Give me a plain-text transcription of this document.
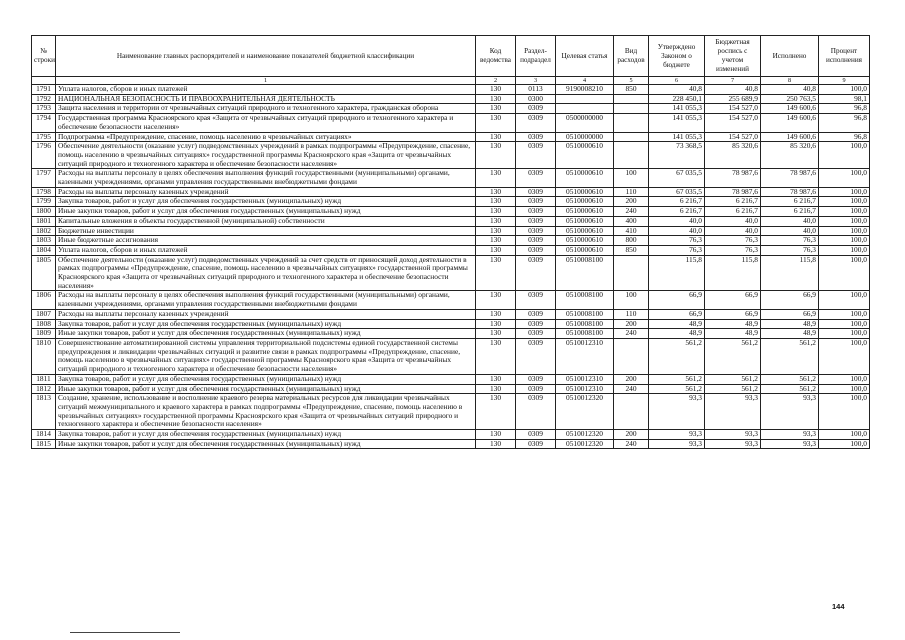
№ строки	Наименование главных распорядителей и наименование показателей бюджетной классификации	Код ведомства	Раздел-подраздел	Целевая статья	Вид расходов	Утверждено Законом о бюджете	Бюджетная роспись с учетом изменений	Исполнено	Процент исполнения
	1	2	3	4	5	6	7	8	9
1791	Уплата налогов, сборов и иных платежей	130	0113	9190008210	850	40,8	40,8	40,8	100,0
1792	НАЦИОНАЛЬНАЯ БЕЗОПАСНОСТЬ И ПРАВООХРАНИТЕЛЬНАЯ ДЕЯТЕЛЬНОСТЬ	130	0300			228 450,1	255 689,9	250 763,5	98,1
1793	Защита населения и территории от чрезвычайных ситуаций природного и техногенного характера, гражданская оборона	130	0309			141 055,3	154 527,0	149 600,6	96,8
1794	Государственная программа Красноярского края «Защита от чрезвычайных ситуаций природного и техногенного характера и обеспечение безопасности населения»	130	0309	0500000000		141 055,3	154 527,0	149 600,6	96,8
1795	Подпрограмма «Предупреждение, спасение, помощь населению в чрезвычайных ситуациях»	130	0309	0510000000		141 055,3	154 527,0	149 600,6	96,8
1796	Обеспечение деятельности (оказание услуг) подведомственных учреждений в рамках подпрограммы «Предупреждение, спасение, помощь населению в чрезвычайных ситуациях» государственной программы Красноярского края «Защита от чрезвычайных ситуаций природного и техногенного характера и обеспечение безопасности населения»	130	0309	0510000610		73 368,5	85 320,6	85 320,6	100,0
1797	Расходы на выплаты персоналу в целях обеспечения выполнения функций государственными (муниципальными) органами, казенными учреждениями, органами управления государственными внебюджетными фондами	130	0309	0510000610	100	67 035,5	78 987,6	78 987,6	100,0
1798	Расходы на выплаты персоналу казенных учреждений	130	0309	0510000610	110	67 035,5	78 987,6	78 987,6	100,0
1799	Закупка товаров, работ и услуг для обеспечения государственных (муниципальных) нужд	130	0309	0510000610	200	6 216,7	6 216,7	6 216,7	100,0
1800	Иные закупки товаров, работ и услуг для обеспечения государственных (муниципальных) нужд	130	0309	0510000610	240	6 216,7	6 216,7	6 216,7	100,0
1801	Капитальные вложения в объекты государственной (муниципальной) собственности	130	0309	0510000610	400	40,0	40,0	40,0	100,0
1802	Бюджетные инвестиции	130	0309	0510000610	410	40,0	40,0	40,0	100,0
1803	Иные бюджетные ассигнования	130	0309	0510000610	800	76,3	76,3	76,3	100,0
1804	Уплата налогов, сборов и иных платежей	130	0309	0510000610	850	76,3	76,3	76,3	100,0
1805	Обеспечение деятельности (оказание услуг) подведомственных учреждений за счет средств от приносящей доход деятельности в рамках подпрограммы «Предупреждение, спасение, помощь населению в чрезвычайных ситуациях» государственной программы Красноярского края «Защита от чрезвычайных ситуаций природного и техногенного характера и обеспечение безопасности населения»	130	0309	0510008100		115,8	115,8	115,8	100,0
1806	Расходы на выплаты персоналу в целях обеспечения выполнения функций государственными (муниципальными) органами, казенными учреждениями, органами управления государственными внебюджетными фондами	130	0309	0510008100	100	66,9	66,9	66,9	100,0
1807	Расходы на выплаты персоналу казенных учреждений	130	0309	0510008100	110	66,9	66,9	66,9	100,0
1808	Закупка товаров, работ и услуг для обеспечения государственных (муниципальных) нужд	130	0309	0510008100	200	48,9	48,9	48,9	100,0
1809	Иные закупки товаров, работ и услуг для обеспечения государственных (муниципальных) нужд	130	0309	0510008100	240	48,9	48,9	48,9	100,0
1810	Совершенствование автоматизированной системы управления территориальной подсистемы единой государственной системы предупреждения и ликвидации чрезвычайных ситуаций и развитие связи в рамках подпрограммы «Предупреждение, спасение, помощь населению в чрезвычайных ситуациях» государственной программы Красноярского края «Защита от чрезвычайных ситуаций природного и техногенного характера и обеспечение безопасности населения»	130	0309	0510012310		561,2	561,2	561,2	100,0
1811	Закупка товаров, работ и услуг для обеспечения государственных (муниципальных) нужд	130	0309	0510012310	200	561,2	561,2	561,2	100,0
1812	Иные закупки товаров, работ и услуг для обеспечения государственных (муниципальных) нужд	130	0309	0510012310	240	561,2	561,2	561,2	100,0
1813	Создание, хранение, использование и восполнение краевого резерва материальных ресурсов для ликвидации чрезвычайных ситуаций межмуниципального и краевого характера в рамках подпрограммы «Предупреждение, спасение, помощь населению в чрезвычайных ситуациях» государственной программы Красноярского края «Защита от чрезвычайных ситуаций природного и техногенного характера и обеспечение безопасности населения»	130	0309	0510012320		93,3	93,3	93,3	100,0
1814	Закупка товаров, работ и услуг для обеспечения государственных (муниципальных) нужд	130	0309	0510012320	200	93,3	93,3	93,3	100,0
1815	Иные закупки товаров, работ и услуг для обеспечения государственных (муниципальных) нужд	130	0309	0510012320	240	93,3	93,3	93,3	100,0
144
